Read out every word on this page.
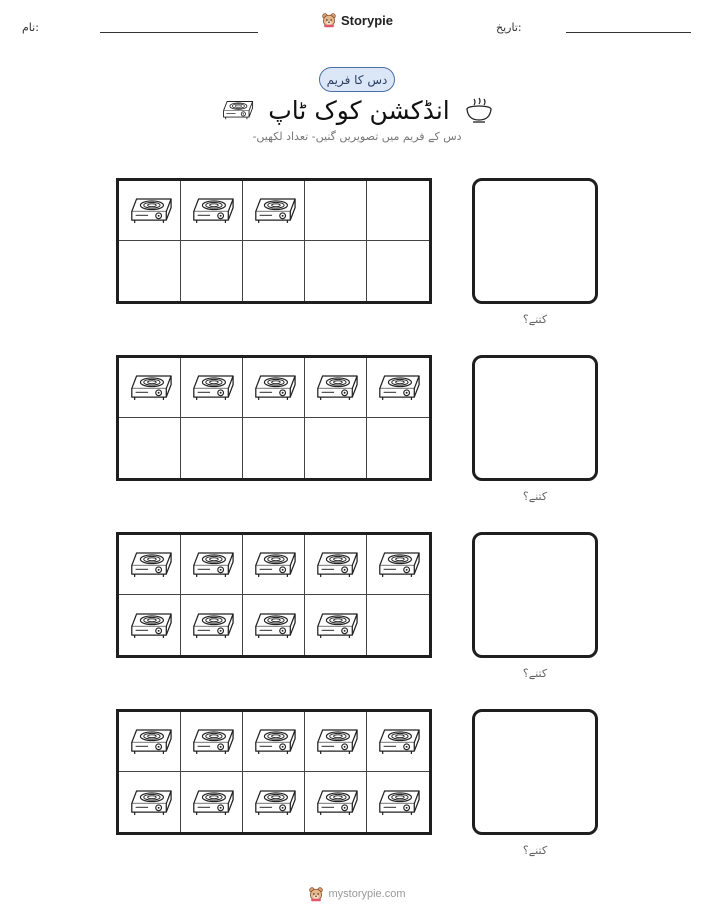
نام:	Storypie	تاریخ:
دس کا فریم
انڈکشن کوک ٹاپ
دس کے فریم میں تصویریں گنیں- تعداد لکھیں-
کتنے؟
کتنے؟
کتنے؟
کتنے؟
mystorypie.com
